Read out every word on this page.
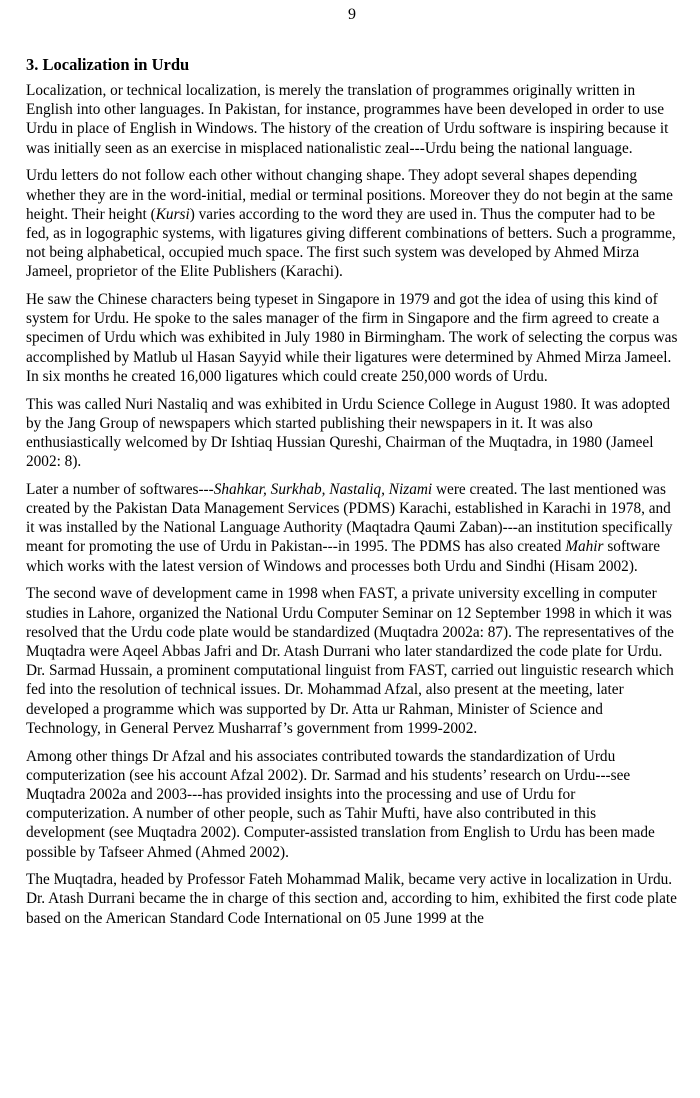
9
3. Localization in Urdu

Localization, or technical localization, is merely the translation of programmes originally written in English into other languages. In Pakistan, for instance, programmes have been developed in order to use Urdu in place of English in Windows. The history of the creation of Urdu software is inspiring because it was initially seen as an exercise in misplaced nationalistic zeal---Urdu being the national language.

Urdu letters do not follow each other without changing shape. They adopt several shapes depending whether they are in the word-initial, medial or terminal positions. Moreover they do not begin at the same height. Their height (Kursi) varies according to the word they are used in. Thus the computer had to be fed, as in logographic systems, with ligatures giving different combinations of betters. Such a programme, not being alphabetical, occupied much space. The first such system was developed by Ahmed Mirza Jameel, proprietor of the Elite Publishers (Karachi).

He saw the Chinese characters being typeset in Singapore in 1979 and got the idea of using this kind of system for Urdu. He spoke to the sales manager of the firm in Singapore and the firm agreed to create a specimen of Urdu which was exhibited in July 1980 in Birmingham. The work of selecting the corpus was accomplished by Matlub ul Hasan Sayyid while their ligatures were determined by Ahmed Mirza Jameel. In six months he created 16,000 ligatures which could create 250,000 words of Urdu.

This was called Nuri Nastaliq and was exhibited in Urdu Science College in August 1980. It was adopted by the Jang Group of newspapers which started publishing their newspapers in it. It was also enthusiastically welcomed by Dr Ishtiaq Hussian Qureshi, Chairman of the Muqtadra, in 1980 (Jameel 2002: 8).

Later a number of softwares---Shahkar, Surkhab, Nastaliq, Nizami were created. The last mentioned was created by the Pakistan Data Management Services (PDMS) Karachi, established in Karachi in 1978, and it was installed by the National Language Authority (Maqtadra Qaumi Zaban)---an institution specifically meant for promoting the use of Urdu in Pakistan---in 1995. The PDMS has also created Mahir software which works with the latest version of Windows and processes both Urdu and Sindhi (Hisam 2002).

The second wave of development came in 1998 when FAST, a private university excelling in computer studies in Lahore, organized the National Urdu Computer Seminar on 12 September 1998 in which it was resolved that the Urdu code plate would be standardized (Muqtadra 2002a: 87). The representatives of the Muqtadra were Aqeel Abbas Jafri and Dr. Atash Durrani who later standardized the code plate for Urdu. Dr. Sarmad Hussain, a prominent computational linguist from FAST, carried out linguistic research which fed into the resolution of technical issues. Dr. Mohammad Afzal, also present at the meeting, later developed a programme which was supported by Dr. Atta ur Rahman, Minister of Science and Technology, in General Pervez Musharraf’s government from 1999-2002.

Among other things Dr Afzal and his associates contributed towards the standardization of Urdu computerization (see his account Afzal 2002). Dr. Sarmad and his students’ research on Urdu---see Muqtadra 2002a and 2003---has provided insights into the processing and use of Urdu for computerization. A number of other people, such as Tahir Mufti, have also contributed in this development (see Muqtadra 2002). Computer-assisted translation from English to Urdu has been made possible by Tafseer Ahmed (Ahmed 2002).

The Muqtadra, headed by Professor Fateh Mohammad Malik, became very active in localization in Urdu. Dr. Atash Durrani became the in charge of this section and, according to him, exhibited the first code plate based on the American Standard Code International on 05 June 1999 at the
